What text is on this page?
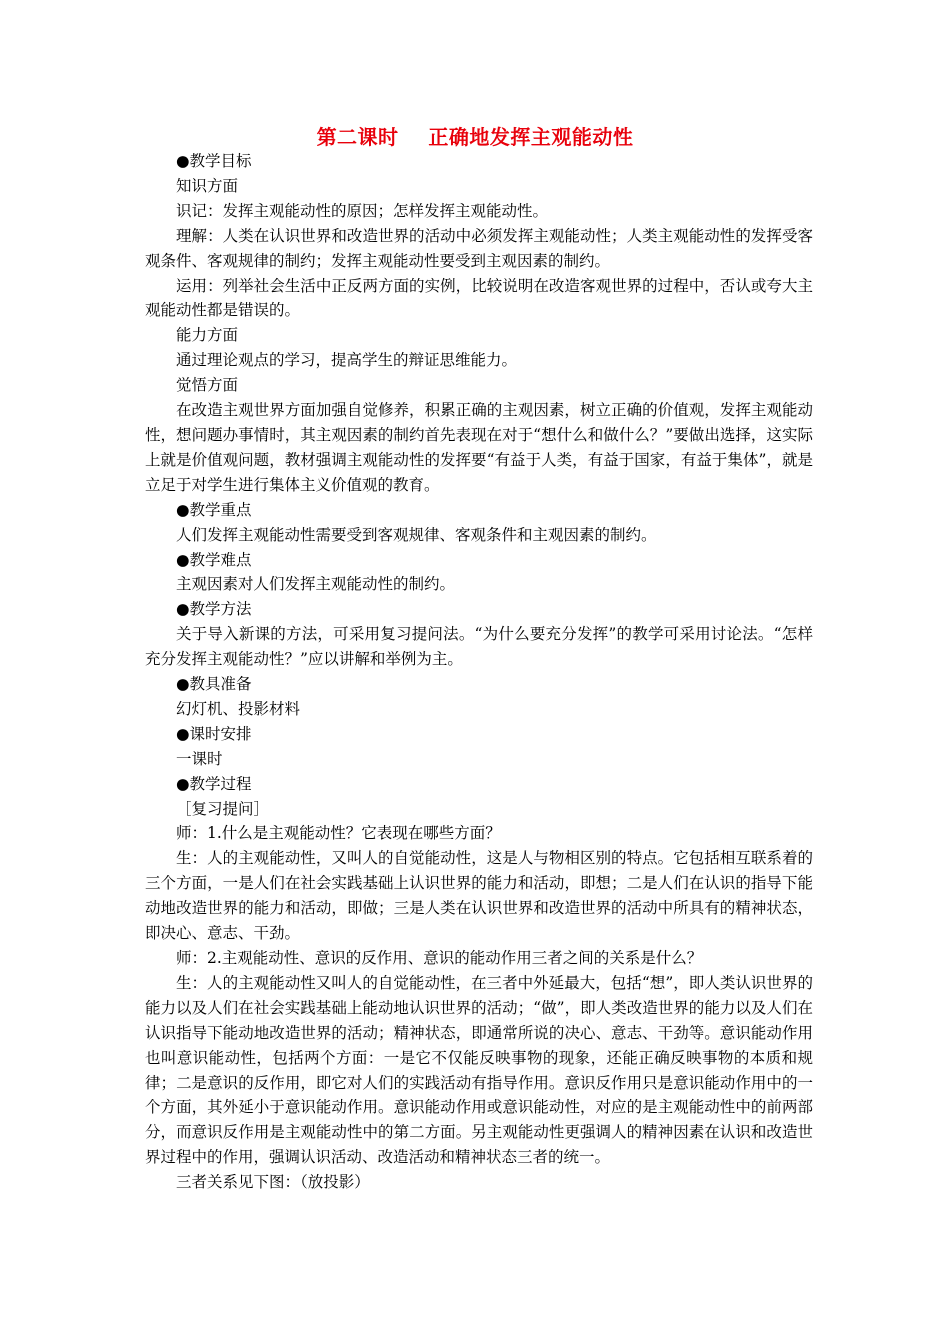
第二课时    正确地发挥主观能动性

●教学目标

知识方面

识记：发挥主观能动性的原因；怎样发挥主观能动性。

理解：人类在认识世界和改造世界的活动中必须发挥主观能动性；人类主观能动性的发挥受客观条件、客观规律的制约；发挥主观能动性要受到主观因素的制约。

运用：列举社会生活中正反两方面的实例，比较说明在改造客观世界的过程中，否认或夸大主观能动性都是错误的。

能力方面

通过理论观点的学习，提高学生的辩证思维能力。

觉悟方面

在改造主观世界方面加强自觉修养，积累正确的主观因素，树立正确的价值观，发挥主观能动性，想问题办事情时，其主观因素的制约首先表现在对于“想什么和做什么？”要做出选择，这实际上就是价值观问题，教材强调主观能动性的发挥要“有益于人类，有益于国家，有益于集体”，就是立足于对学生进行集体主义价值观的教育。

●教学重点

人们发挥主观能动性需要受到客观规律、客观条件和主观因素的制约。

●教学难点

主观因素对人们发挥主观能动性的制约。

●教学方法

关于导入新课的方法，可采用复习提问法。“为什么要充分发挥”的教学可采用讨论法。“怎样充分发挥主观能动性？”应以讲解和举例为主。

●教具准备

幻灯机、投影材料

●课时安排

一课时

●教学过程

［复习提问］

师：1.什么是主观能动性？它表现在哪些方面？

生：人的主观能动性，又叫人的自觉能动性，这是人与物相区别的特点。它包括相互联系着的三个方面，一是人们在社会实践基础上认识世界的能力和活动，即想；二是人们在认识的指导下能动地改造世界的能力和活动，即做；三是人类在认识世界和改造世界的活动中所具有的精神状态，即决心、意志、干劲。

师：2.主观能动性、意识的反作用、意识的能动作用三者之间的关系是什么？

生：人的主观能动性又叫人的自觉能动性，在三者中外延最大，包括“想”，即人类认识世界的能力以及人们在社会实践基础上能动地认识世界的活动；“做”，即人类改造世界的能力以及人们在认识指导下能动地改造世界的活动；精神状态，即通常所说的决心、意志、干劲等。意识能动作用也叫意识能动性，包括两个方面：一是它不仅能反映事物的现象，还能正确反映事物的本质和规律；二是意识的反作用，即它对人们的实践活动有指导作用。意识反作用只是意识能动作用中的一个方面，其外延小于意识能动作用。意识能动作用或意识能动性，对应的是主观能动性中的前两部分，而意识反作用是主观能动性中的第二方面。另主观能动性更强调人的精神因素在认识和改造世界过程中的作用，强调认识活动、改造活动和精神状态三者的统一。

三者关系见下图：（放投影）
